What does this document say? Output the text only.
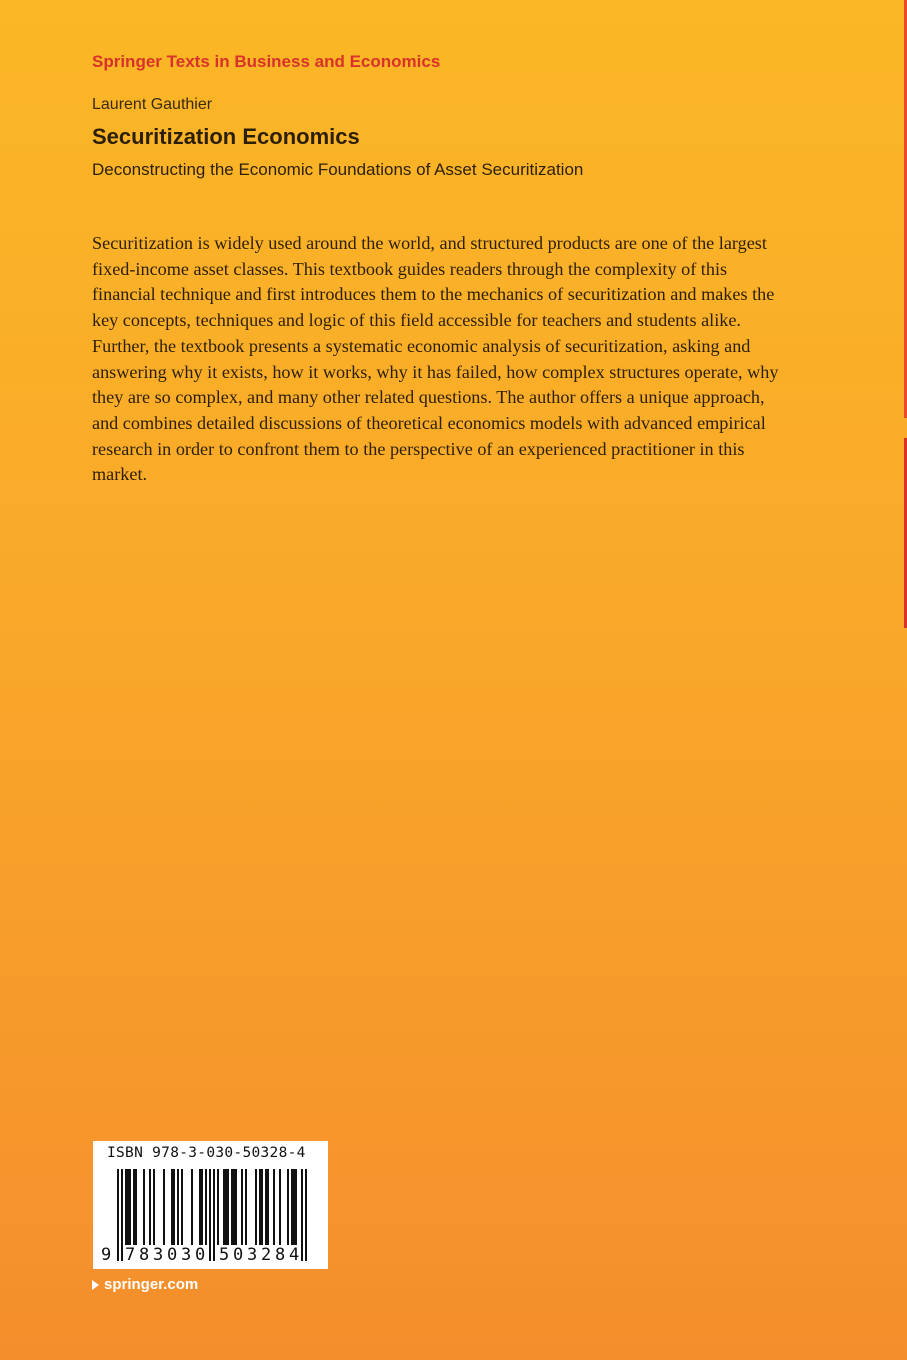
Springer Texts in Business and Economics
Laurent Gauthier
Securitization Economics
Deconstructing the Economic Foundations of Asset Securitization

Securitization is widely used around the world, and structured products are one of the largest fixed-income asset classes. This textbook guides readers through the complexity of this financial technique and first introduces them to the mechanics of securitization and makes the key concepts, techniques and logic of this field accessible for teachers and students alike. Further, the textbook presents a systematic economic analysis of securitization, asking and answering why it exists, how it works, why it has failed, how complex structures operate, why they are so complex, and many other related questions. The author offers a unique approach, and combines detailed discussions of theoretical economics models with advanced empirical research in order to confront them to the perspective of an experienced practitioner in this market.

ISBN 978-3-030-50328-4
9 7 8 3 0 3 0 5 0 3 2 8 4
springer.com
